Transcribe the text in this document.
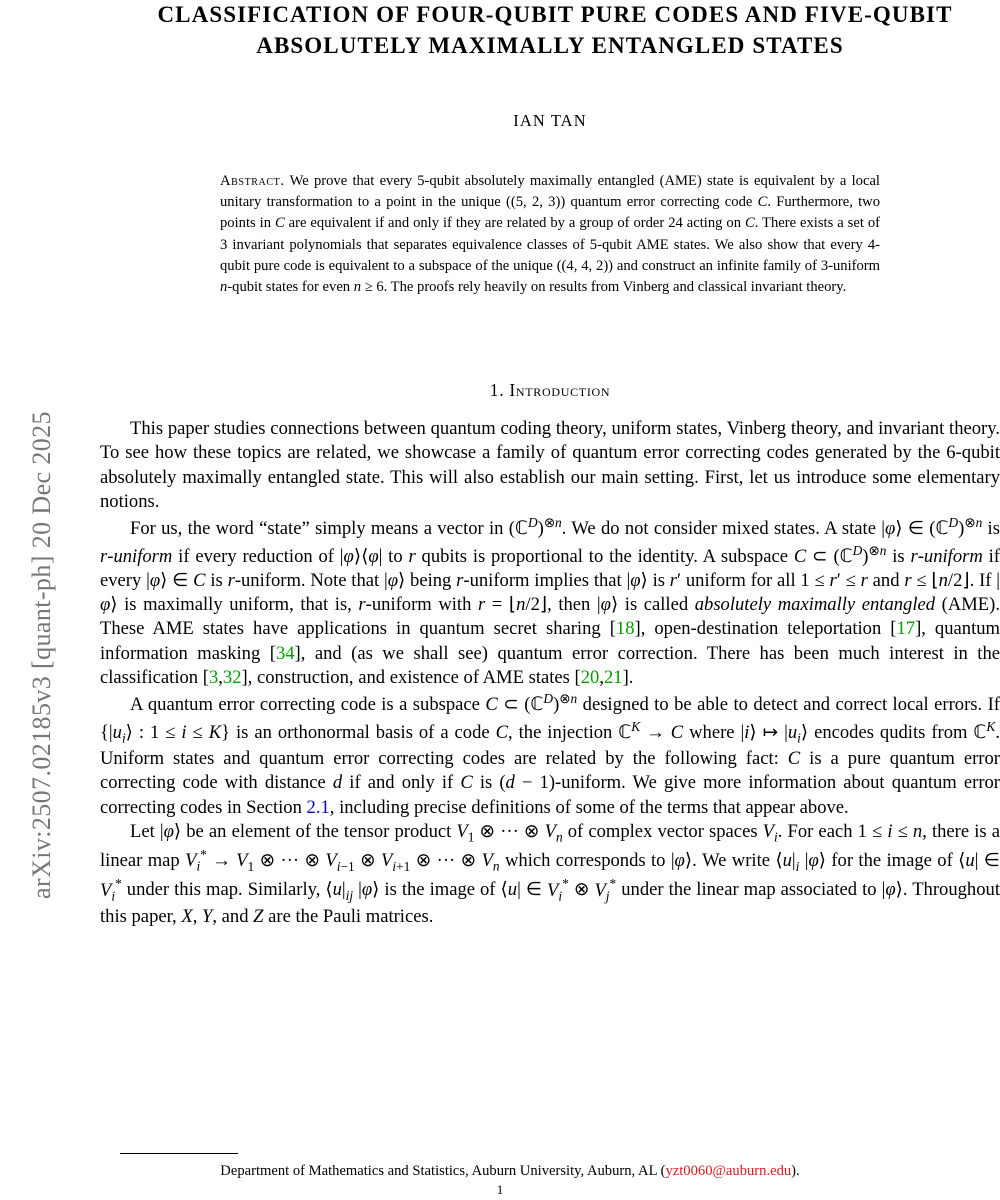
arXiv:2507.02185v3 [quant-ph] 20 Dec 2025
CLASSIFICATION OF FOUR-QUBIT PURE CODES AND FIVE-QUBIT
ABSOLUTELY MAXIMALLY ENTANGLED STATES
IAN TAN
Abstract. We prove that every 5-qubit absolutely maximally entangled (AME) state is equivalent by a local unitary transformation to a point in the unique ((5, 2, 3)) quantum error correcting code C. Furthermore, two points in C are equivalent if and only if they are related by a group of order 24 acting on C. There exists a set of 3 invariant polynomials that separates equivalence classes of 5-qubit AME states. We also show that every 4-qubit pure code is equivalent to a subspace of the unique ((4, 4, 2)) and construct an infinite family of 3-uniform n-qubit states for even n ≥ 6. The proofs rely heavily on results from Vinberg and classical invariant theory.
1. Introduction

This paper studies connections between quantum coding theory, uniform states, Vinberg theory, and invariant theory. To see how these topics are related, we showcase a family of quantum error correcting codes generated by the 6-qubit absolutely maximally entangled state. This will also establish our main setting. First, let us introduce some elementary notions.

For us, the word “state” simply means a vector in (ℂ$^D$)$^{\otimes n}$. We do not consider mixed states. A state |φ⟩ ∈ (ℂ$^D$)$^{\otimes n}$ is r-uniform if every reduction of |φ⟩⟨φ| to r qubits is proportional to the identity. A subspace C ⊂ (ℂ$^D$)$^{\otimes n}$ is r-uniform if every |φ⟩ ∈ C is r-uniform. Note that |φ⟩ being r-uniform implies that |φ⟩ is r′ uniform for all 1 ≤ r′ ≤ r and r ≤ ⌊n/2⌋. If |φ⟩ is maximally uniform, that is, r-uniform with r = ⌊n/2⌋, then |φ⟩ is called absolutely maximally entangled (AME). These AME states have applications in quantum secret sharing [18], open-destination teleportation [17], quantum information masking [34], and (as we shall see) quantum error correction. There has been much interest in the classification [3,32], construction, and existence of AME states [20,21].

A quantum error correcting code is a subspace C ⊂ (ℂ$^D$)$^{\otimes n}$ designed to be able to detect and correct local errors. If {$|u_i⟩$ : 1 ≤ i ≤ K} is an orthonormal basis of a code C, the injection ℂ$^K$ → C where |i⟩ ↦ $|u_i⟩$ encodes qudits from ℂ$^K$. Uniform states and quantum error correcting codes are related by the following fact: C is a pure quantum error correcting code with distance d if and only if C is (d − 1)-uniform. We give more information about quantum error correcting codes in Section 2.1, including precise definitions of some of the terms that appear above.

Let |φ⟩ be an element of the tensor product $V_1$ ⊗ ··· ⊗ $V_n$ of complex vector spaces $V_i$. For each 1 ≤ i ≤ n, there is a linear map $V_i^* \to V_1$ ⊗ ··· ⊗ $V_{i-1}$ ⊗ $V_{i+1}$ ⊗ ··· ⊗ $V_n$ which corresponds to |φ⟩. We write $⟨u|_i$ |φ⟩ for the image of ⟨u| ∈ $V_i^*$ under this map. Similarly, $⟨u|_{ij}$ |φ⟩ is the image of ⟨u| ∈ $V_i^*$ ⊗ $V_j^*$ under the linear map associated to |φ⟩. Throughout this paper, X, Y, and Z are the Pauli matrices.

Department of Mathematics and Statistics, Auburn University, Auburn, AL (yzt0060@auburn.edu).
1
